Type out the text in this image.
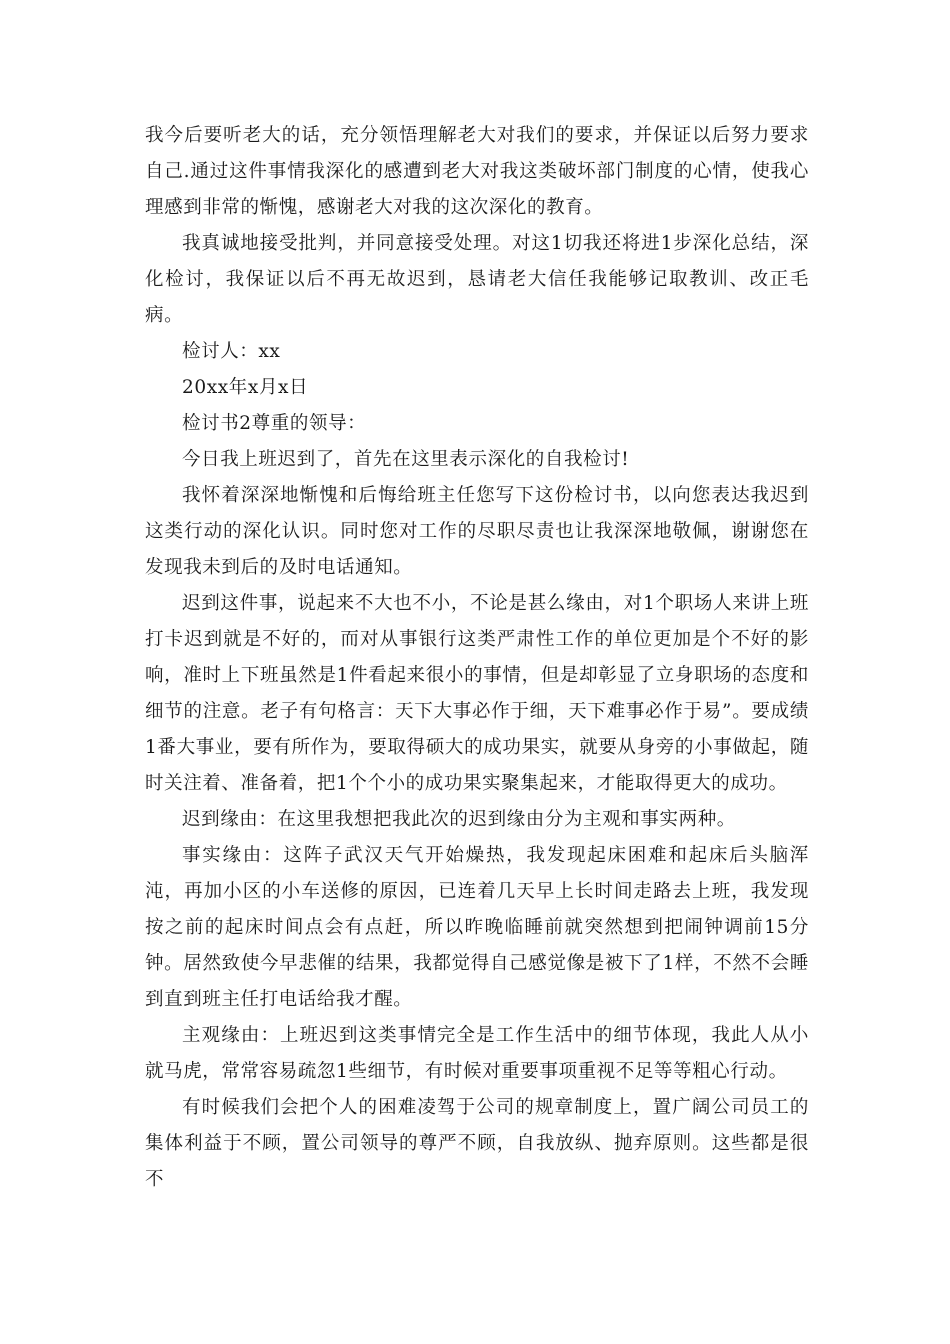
我今后要听老大的话，充分领悟理解老大对我们的要求，并保证以后努力要求自己.通过这件事情我深化的感遭到老大对我这类破坏部门制度的心情，使我心理感到非常的惭愧，感谢老大对我的这次深化的教育。

我真诚地接受批判，并同意接受处理。对这1切我还将进1步深化总结，深化检讨，我保证以后不再无故迟到，恳请老大信任我能够记取教训、改正毛病。

检讨人：xx

20xx年x月x日

检讨书2尊重的领导：

今日我上班迟到了，首先在这里表示深化的自我检讨!

我怀着深深地惭愧和后悔给班主任您写下这份检讨书，以向您表达我迟到这类行动的深化认识。同时您对工作的尽职尽责也让我深深地敬佩，谢谢您在发现我未到后的及时电话通知。

迟到这件事，说起来不大也不小，不论是甚么缘由，对1个职场人来讲上班打卡迟到就是不好的，而对从事银行这类严肃性工作的单位更加是个不好的影响，准时上下班虽然是1件看起来很小的事情，但是却彰显了立身职场的态度和细节的注意。老子有句格言：天下大事必作于细，天下难事必作于易”。要成绩1番大事业，要有所作为，要取得硕大的成功果实，就要从身旁的小事做起，随时关注着、准备着，把1个个小的成功果实聚集起来，才能取得更大的成功。

迟到缘由：在这里我想把我此次的迟到缘由分为主观和事实两种。

事实缘由：这阵子武汉天气开始燥热，我发现起床困难和起床后头脑浑沌，再加小区的小车送修的原因，已连着几天早上长时间走路去上班，我发现按之前的起床时间点会有点赶，所以昨晚临睡前就突然想到把闹钟调前15分钟。居然致使今早悲催的结果，我都觉得自己感觉像是被下了1样，不然不会睡到直到班主任打电话给我才醒。

主观缘由：上班迟到这类事情完全是工作生活中的细节体现，我此人从小就马虎，常常容易疏忽1些细节，有时候对重要事项重视不足等等粗心行动。

有时候我们会把个人的困难凌驾于公司的规章制度上，置广阔公司员工的集体利益于不顾，置公司领导的尊严不顾，自我放纵、抛弃原则。这些都是很不
